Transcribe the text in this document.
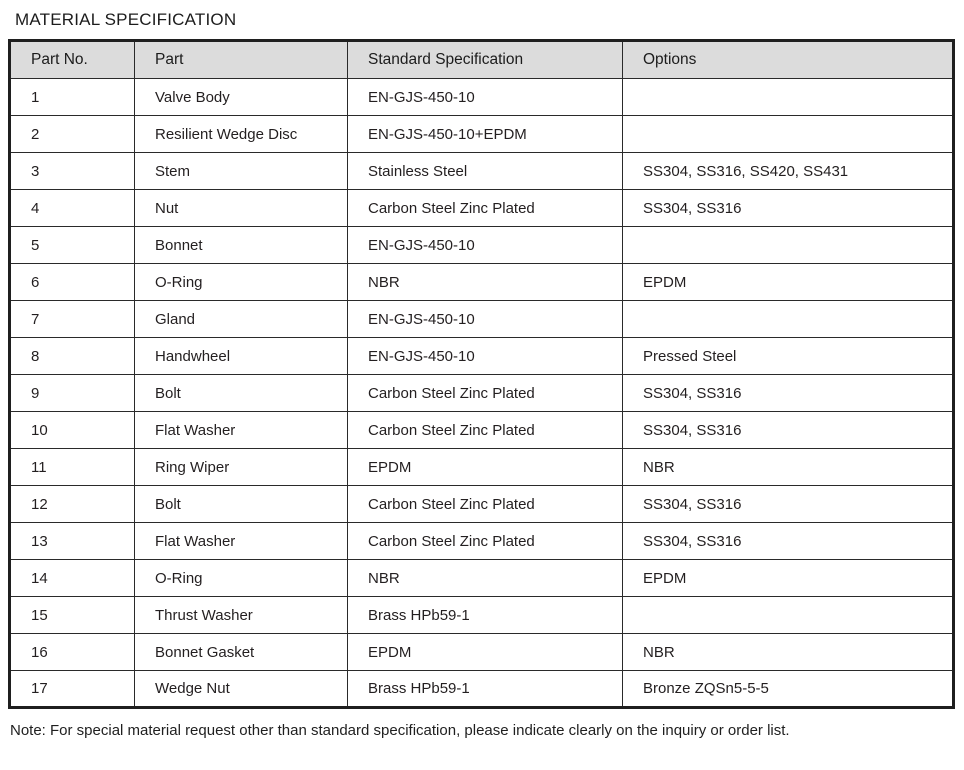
MATERIAL SPECIFICATION
Part No.	Part	Standard Specification	Options
1	Valve Body	EN-GJS-450-10	
2	Resilient Wedge Disc	EN-GJS-450-10+EPDM	
3	Stem	Stainless Steel	SS304, SS316, SS420, SS431
4	Nut	Carbon Steel Zinc Plated	SS304, SS316
5	Bonnet	EN-GJS-450-10	
6	O-Ring	NBR	EPDM
7	Gland	EN-GJS-450-10	
8	Handwheel	EN-GJS-450-10	Pressed Steel
9	Bolt	Carbon Steel Zinc Plated	SS304, SS316
10	Flat Washer	Carbon Steel Zinc Plated	SS304, SS316
11	Ring Wiper	EPDM	NBR
12	Bolt	Carbon Steel Zinc Plated	SS304, SS316
13	Flat Washer	Carbon Steel Zinc Plated	SS304, SS316
14	O-Ring	NBR	EPDM
15	Thrust Washer	Brass HPb59-1	
16	Bonnet Gasket	EPDM	NBR
17	Wedge Nut	Brass HPb59-1	Bronze ZQSn5-5-5
Note: For special material request other than standard specification, please indicate clearly on the inquiry or order list.
